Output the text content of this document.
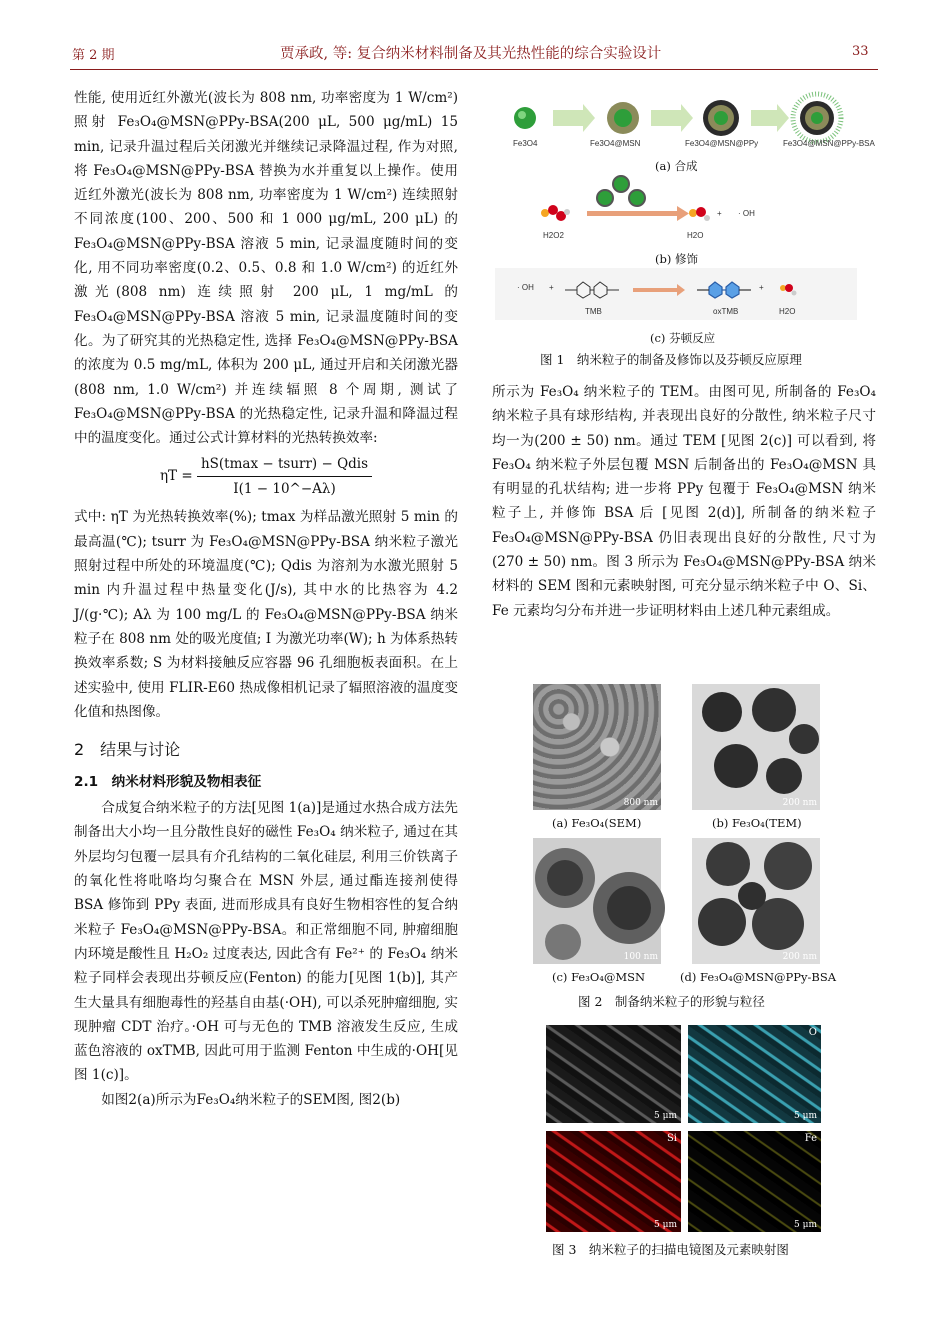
第 2 期	贾承政, 等: 复合纳米材料制备及其光热性能的综合实验设计	33

性能, 使用近红外激光(波长为 808 nm, 功率密度为 1 W/cm²) 照射 Fe₃O₄@MSN@PPy-BSA(200 μL, 500 μg/mL) 15 min, 记录升温过程后关闭激光并继续记录降温过程, 作为对照, 将 Fe₃O₄@MSN@PPy-BSA 替换为水并重复以上操作。使用近红外激光(波长为 808 nm, 功率密度为 1 W/cm²) 连续照射不同浓度(100、200、500 和 1 000 μg/mL, 200 μL) 的 Fe₃O₄@MSN@PPy-BSA 溶液 5 min, 记录温度随时间的变化, 用不同功率密度(0.2、0.5、0.8 和 1.0 W/cm²) 的近红外激光(808 nm) 连续照射 200 μL, 1 mg/mL 的 Fe₃O₄@MSN@PPy-BSA 溶液 5 min, 记录温度随时间的变化。为了研究其的光热稳定性, 选择 Fe₃O₄@MSN@PPy-BSA 的浓度为 0.5 mg/mL, 体积为 200 μL, 通过开启和关闭激光器(808 nm, 1.0 W/cm²) 并连续辐照 8 个周期, 测试了 Fe₃O₄@MSN@PPy-BSA 的光热稳定性, 记录升温和降温过程中的温度变化。通过公式计算材料的光热转换效率:

$\eta T = \frac{\text{hS(tmax − tsurr) − Qdis}}{I(1 - 10\^{}-A\lambda)}$

式中: ηT 为光热转换效率(%); tmax 为样品激光照射 5 min 的最高温(℃); tsurr 为 Fe₃O₄@MSN@PPy-BSA 纳米粒子激光照射过程中所处的环境温度(℃); Qdis 为溶剂为水激光照射 5 min 内升温过程中热量变化(J/s), 其中水的比热容为 4.2 J/(g·℃); Aλ 为 100 mg/L 的 Fe₃O₄@MSN@PPy-BSA 纳米粒子在 808 nm 处的吸光度值; I 为激光功率(W); h 为体系热转换效率系数; S 为材料接触反应容器 96 孔细胞板表面积。在上述实验中, 使用 FLIR-E60 热成像相机记录了辐照溶液的温度变化值和热图像。

2　结果与讨论
2.1　纳米材料形貌及物相表征

合成复合纳米粒子的方法[见图 1(a)]是通过水热合成方法先制备出大小均一且分散性良好的磁性 Fe₃O₄ 纳米粒子, 通过在其外层均匀包覆一层具有介孔结构的二氧化硅层, 利用三价铁离子的氧化性将吡咯均匀聚合在 MSN 外层, 通过酯连接剂使得 BSA 修饰到 PPy 表面, 进而形成具有良好生物相容性的复合纳米粒子 Fe₃O₄@MSN@PPy-BSA。和正常细胞不同, 肿瘤细胞内环境是酸性且 H₂O₂ 过度表达, 因此含有 Fe²⁺ 的 Fe₃O₄ 纳米粒子同样会表现出芬顿反应(Fenton) 的能力[见图 1(b)], 其产生大量具有细胞毒性的羟基自由基(·OH), 可以杀死肿瘤细胞, 实现肿瘤 CDT 治疗。·OH 可与无色的 TMB 溶液发生反应, 生成蓝色溶液的 oxTMB, 因此可用于监测 Fenton 中生成的·OH[见图 1(c)]。

如图2(a)所示为Fe₃O₄纳米粒子的SEM图, 图2(b)

Fe3O4	Fe3O4@MSN	Fe3O4@MSN@PPy	Fe3O4@MSN@PPy-BSA
+ · OH
H2O2	H2O
· OH +	+
TMB	oxTMB	H2O
(a) 合成
(b) 修饰
(c) 芬顿反应
图 1　纳米粒子的制备及修饰以及芬顿反应原理

所示为 Fe₃O₄ 纳米粒子的 TEM。由图可见, 所制备的 Fe₃O₄ 纳米粒子具有球形结构, 并表现出良好的分散性, 纳米粒子尺寸均一为(200 ± 50) nm。通过 TEM [见图 2(c)] 可以看到, 将 Fe₃O₄ 纳米粒子外层包覆 MSN 后制备出的 Fe₃O₄@MSN 具有明显的孔状结构; 进一步将 PPy 包覆于 Fe₃O₄@MSN 纳米粒子上, 并修饰 BSA 后 [见图 2(d)], 所制备的纳米粒子 Fe₃O₄@MSN@PPy-BSA 仍旧表现出良好的分散性, 尺寸为(270 ± 50) nm。图 3 所示为 Fe₃O₄@MSN@PPy-BSA 纳米材料的 SEM 图和元素映射图, 可充分显示纳米粒子中 O、Si、Fe 元素均匀分布并进一步证明材料由上述几种元素组成。

800 nm	200 nm
(a) Fe₃O₄(SEM)	(b) Fe₃O₄(TEM)
100 nm	200 nm
(c) Fe₃O₄@MSN	(d) Fe₃O₄@MSN@PPy-BSA
图 2　制备纳米粒子的形貌与粒径
5 μm
O
5 μm
Si
5 μm
Fe
5 μm
图 3　纳米粒子的扫描电镜图及元素映射图
